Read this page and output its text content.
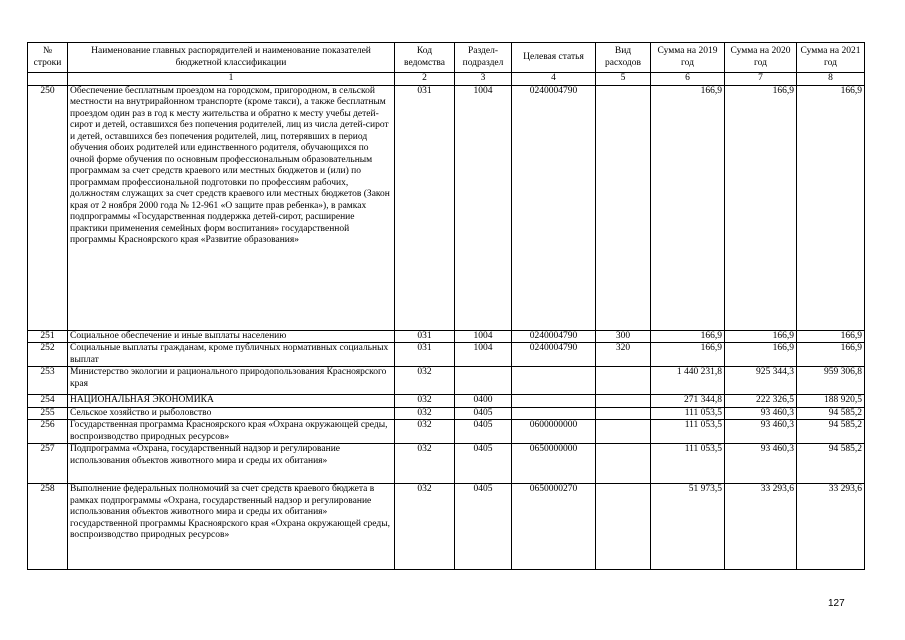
№ строки	Наименование главных распорядителей и наименование показателей бюджетной классификации	Код ведомства	Раздел-подраздел	Целевая статья	Вид расходов	Сумма на 2019 год	Сумма на 2020 год	Сумма на 2021 год
	1	2	3	4	5	6	7	8
250	Обеспечение бесплатным проездом на городском, пригородном, в сельской местности на внутрирайонном транспорте (кроме такси), а также бесплатным проездом один раз в год к месту жительства и обратно к месту учебы детей-сирот и детей, оставшихся без попечения родителей, лиц из числа детей-сирот и детей, оставшихся без попечения родителей, лиц, потерявших в период обучения обоих родителей или единственного родителя, обучающихся по очной форме обучения по основным профессиональным образовательным программам за счет средств краевого или местных бюджетов и (или) по программам профессиональной подготовки по профессиям рабочих, должностям служащих за счет средств краевого или местных бюджетов (Закон края от 2 ноября 2000 года № 12-961 «О защите прав ребенка»), в рамках подпрограммы «Государственная поддержка детей-сирот, расширение практики применения семейных форм воспитания» государственной программы Красноярского края «Развитие образования»	031	1004	0240004790		166,9	166,9	166,9
251	Социальное обеспечение и иные выплаты населению	031	1004	0240004790	300	166,9	166,9	166,9
252	Социальные выплаты гражданам, кроме публичных нормативных социальных выплат	031	1004	0240004790	320	166,9	166,9	166,9
253	Министерство экологии и рационального природопользования Красноярского края	032				1 440 231,8	925 344,3	959 306,8
254	НАЦИОНАЛЬНАЯ ЭКОНОМИКА	032	0400			271 344,8	222 326,5	188 920,5
255	Сельское хозяйство и рыболовство	032	0405			111 053,5	93 460,3	94 585,2
256	Государственная программа Красноярского края «Охрана окружающей среды, воспроизводство природных ресурсов»	032	0405	0600000000		111 053,5	93 460,3	94 585,2
257	Подпрограмма «Охрана, государственный надзор и регулирование использования объектов животного мира и среды их обитания»	032	0405	0650000000		111 053,5	93 460,3	94 585,2
258	Выполнение федеральных полномочий за счет средств краевого бюджета в рамках подпрограммы «Охрана, государственный надзор и регулирование использования объектов животного мира и среды их обитания» государственной программы Красноярского края «Охрана окружающей среды, воспроизводство природных ресурсов»	032	0405	0650000270		51 973,5	33 293,6	33 293,6
127
